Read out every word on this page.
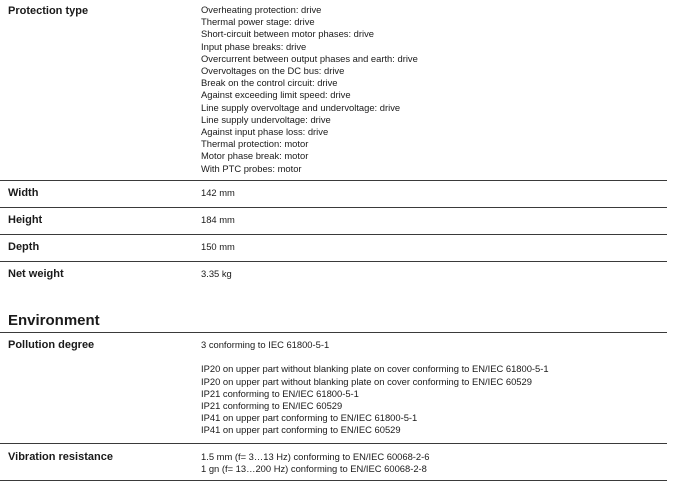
Protection type	Overheating protection: drive
Thermal power stage: drive
Short-circuit between motor phases: drive
Input phase breaks: drive
Overcurrent between output phases and earth: drive
Overvoltages on the DC bus: drive
Break on the control circuit: drive
Against exceeding limit speed: drive
Line supply overvoltage and undervoltage: drive
Line supply undervoltage: drive
Against input phase loss: drive
Thermal protection: motor
Motor phase break: motor
With PTC probes: motor
Width	142 mm
Height	184 mm
Depth	150 mm
Net weight	3.35 kg
Environment
Pollution degree	3 conforming to IEC 61800-5-1
IP20 on upper part without blanking plate on cover conforming to EN/IEC 61800-5-1
IP20 on upper part without blanking plate on cover conforming to EN/IEC 60529
IP21 conforming to EN/IEC 61800-5-1
IP21 conforming to EN/IEC 60529
IP41 on upper part conforming to EN/IEC 61800-5-1
IP41 on upper part conforming to EN/IEC 60529
Vibration resistance	1.5 mm (f= 3…13 Hz) conforming to EN/IEC 60068-2-6
1 gn (f= 13…200 Hz) conforming to EN/IEC 60068-2-8
